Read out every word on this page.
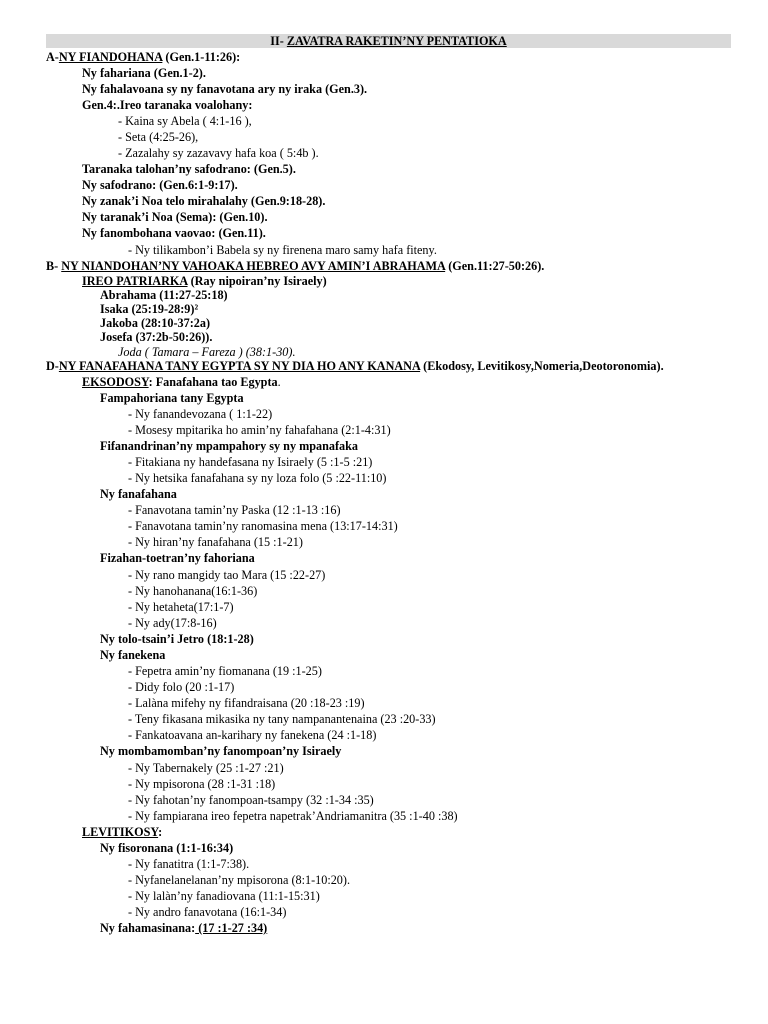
II- ZAVATRA RAKETIN’NY PENTATIOKA
A-NY FIANDOHANA (Gen.1-11:26):
Ny fahariana (Gen.1-2).
Ny fahalavoana sy ny fanavotana ary ny iraka (Gen.3).
Gen.4:.Ireo taranaka voalohany:
- Kaina sy Abela ( 4:1-16 ),
- Seta (4:25-26),
- Zazalahy sy zazavavy hafa koa ( 5:4b ).
Taranaka talohan’ny safodrano: (Gen.5).
Ny safodrano: (Gen.6:1-9:17).
Ny zanak’i Noa telo mirahalahy (Gen.9:18-28).
Ny taranak’i Noa (Sema): (Gen.10).
Ny fanombohana vaovao: (Gen.11).
- Ny tilikambon’i Babela sy ny firenena maro samy hafa fiteny.
B- NY NIANDOHAN’NY VAHOAKA HEBREO AVY AMIN’I ABRAHAMA (Gen.11:27-50:26).
IREO PATRIARKA (Ray nipoiran’ny Isiraely)
Abrahama (11:27-25:18)
Isaka (25:19-28:9)²
Jakoba (28:10-37:2a)
Josefa (37:2b-50:26)).
Joda ( Tamara – Fareza ) (38:1-30).
D-NY FANAFAHANA TANY EGYPTA SY NY DIA HO ANY KANANA (Ekodosy, Levitikosy,Nomeria,Deotoronomia).
EKSODOSY: Fanafahana tao Egypta.
Fampahoriana tany Egypta
- Ny fanandevozana ( 1:1-22)
- Mosesy mpitarika ho amin’ny fahafahana (2:1-4:31)
Fifanandrinan’ny mpampahory sy ny mpanafaka
- Fitakiana ny handefasana ny Isiraely (5 :1-5 :21)
- Ny hetsika fanafahana sy ny loza folo (5 :22-11:10)
Ny fanafahana
- Fanavotana tamin’ny Paska (12 :1-13 :16)
- Fanavotana tamin’ny ranomasina mena (13:17-14:31)
- Ny hiran’ny fanafahana (15 :1-21)
Fizahan-toetran’ny fahoriana
- Ny rano mangidy tao Mara (15 :22-27)
- Ny hanohanana(16:1-36)
- Ny hetaheta(17:1-7)
- Ny ady(17:8-16)
Ny tolo-tsain’i Jetro (18:1-28)
Ny fanekena
- Fepetra amin’ny fiomanana (19 :1-25)
- Didy folo (20 :1-17)
- Lalàna mifehy ny fifandraisana (20 :18-23 :19)
- Teny fikasana mikasika ny tany nampanantenaina (23 :20-33)
- Fankatoavana an-karihary ny fanekena (24 :1-18)
Ny mombamomban’ny fanompoan’ny Isiraely
- Ny Tabernakely (25 :1-27 :21)
- Ny mpisorona (28 :1-31 :18)
- Ny fahotan’ny fanompoan-tsampy (32 :1-34 :35)
- Ny fampiarana ireo fepetra napetrak’Andriamanitra (35 :1-40 :38)
LEVITIKOSY:
Ny fisoronana (1:1-16:34)
- Ny fanatitra (1:1-7:38).
- Nyfanelanelanan’ny mpisorona (8:1-10:20).
- Ny lalàn’ny fanadiovana (11:1-15:31)
- Ny andro fanavotana (16:1-34)
Ny fahamasinana: (17 :1-27 :34)
